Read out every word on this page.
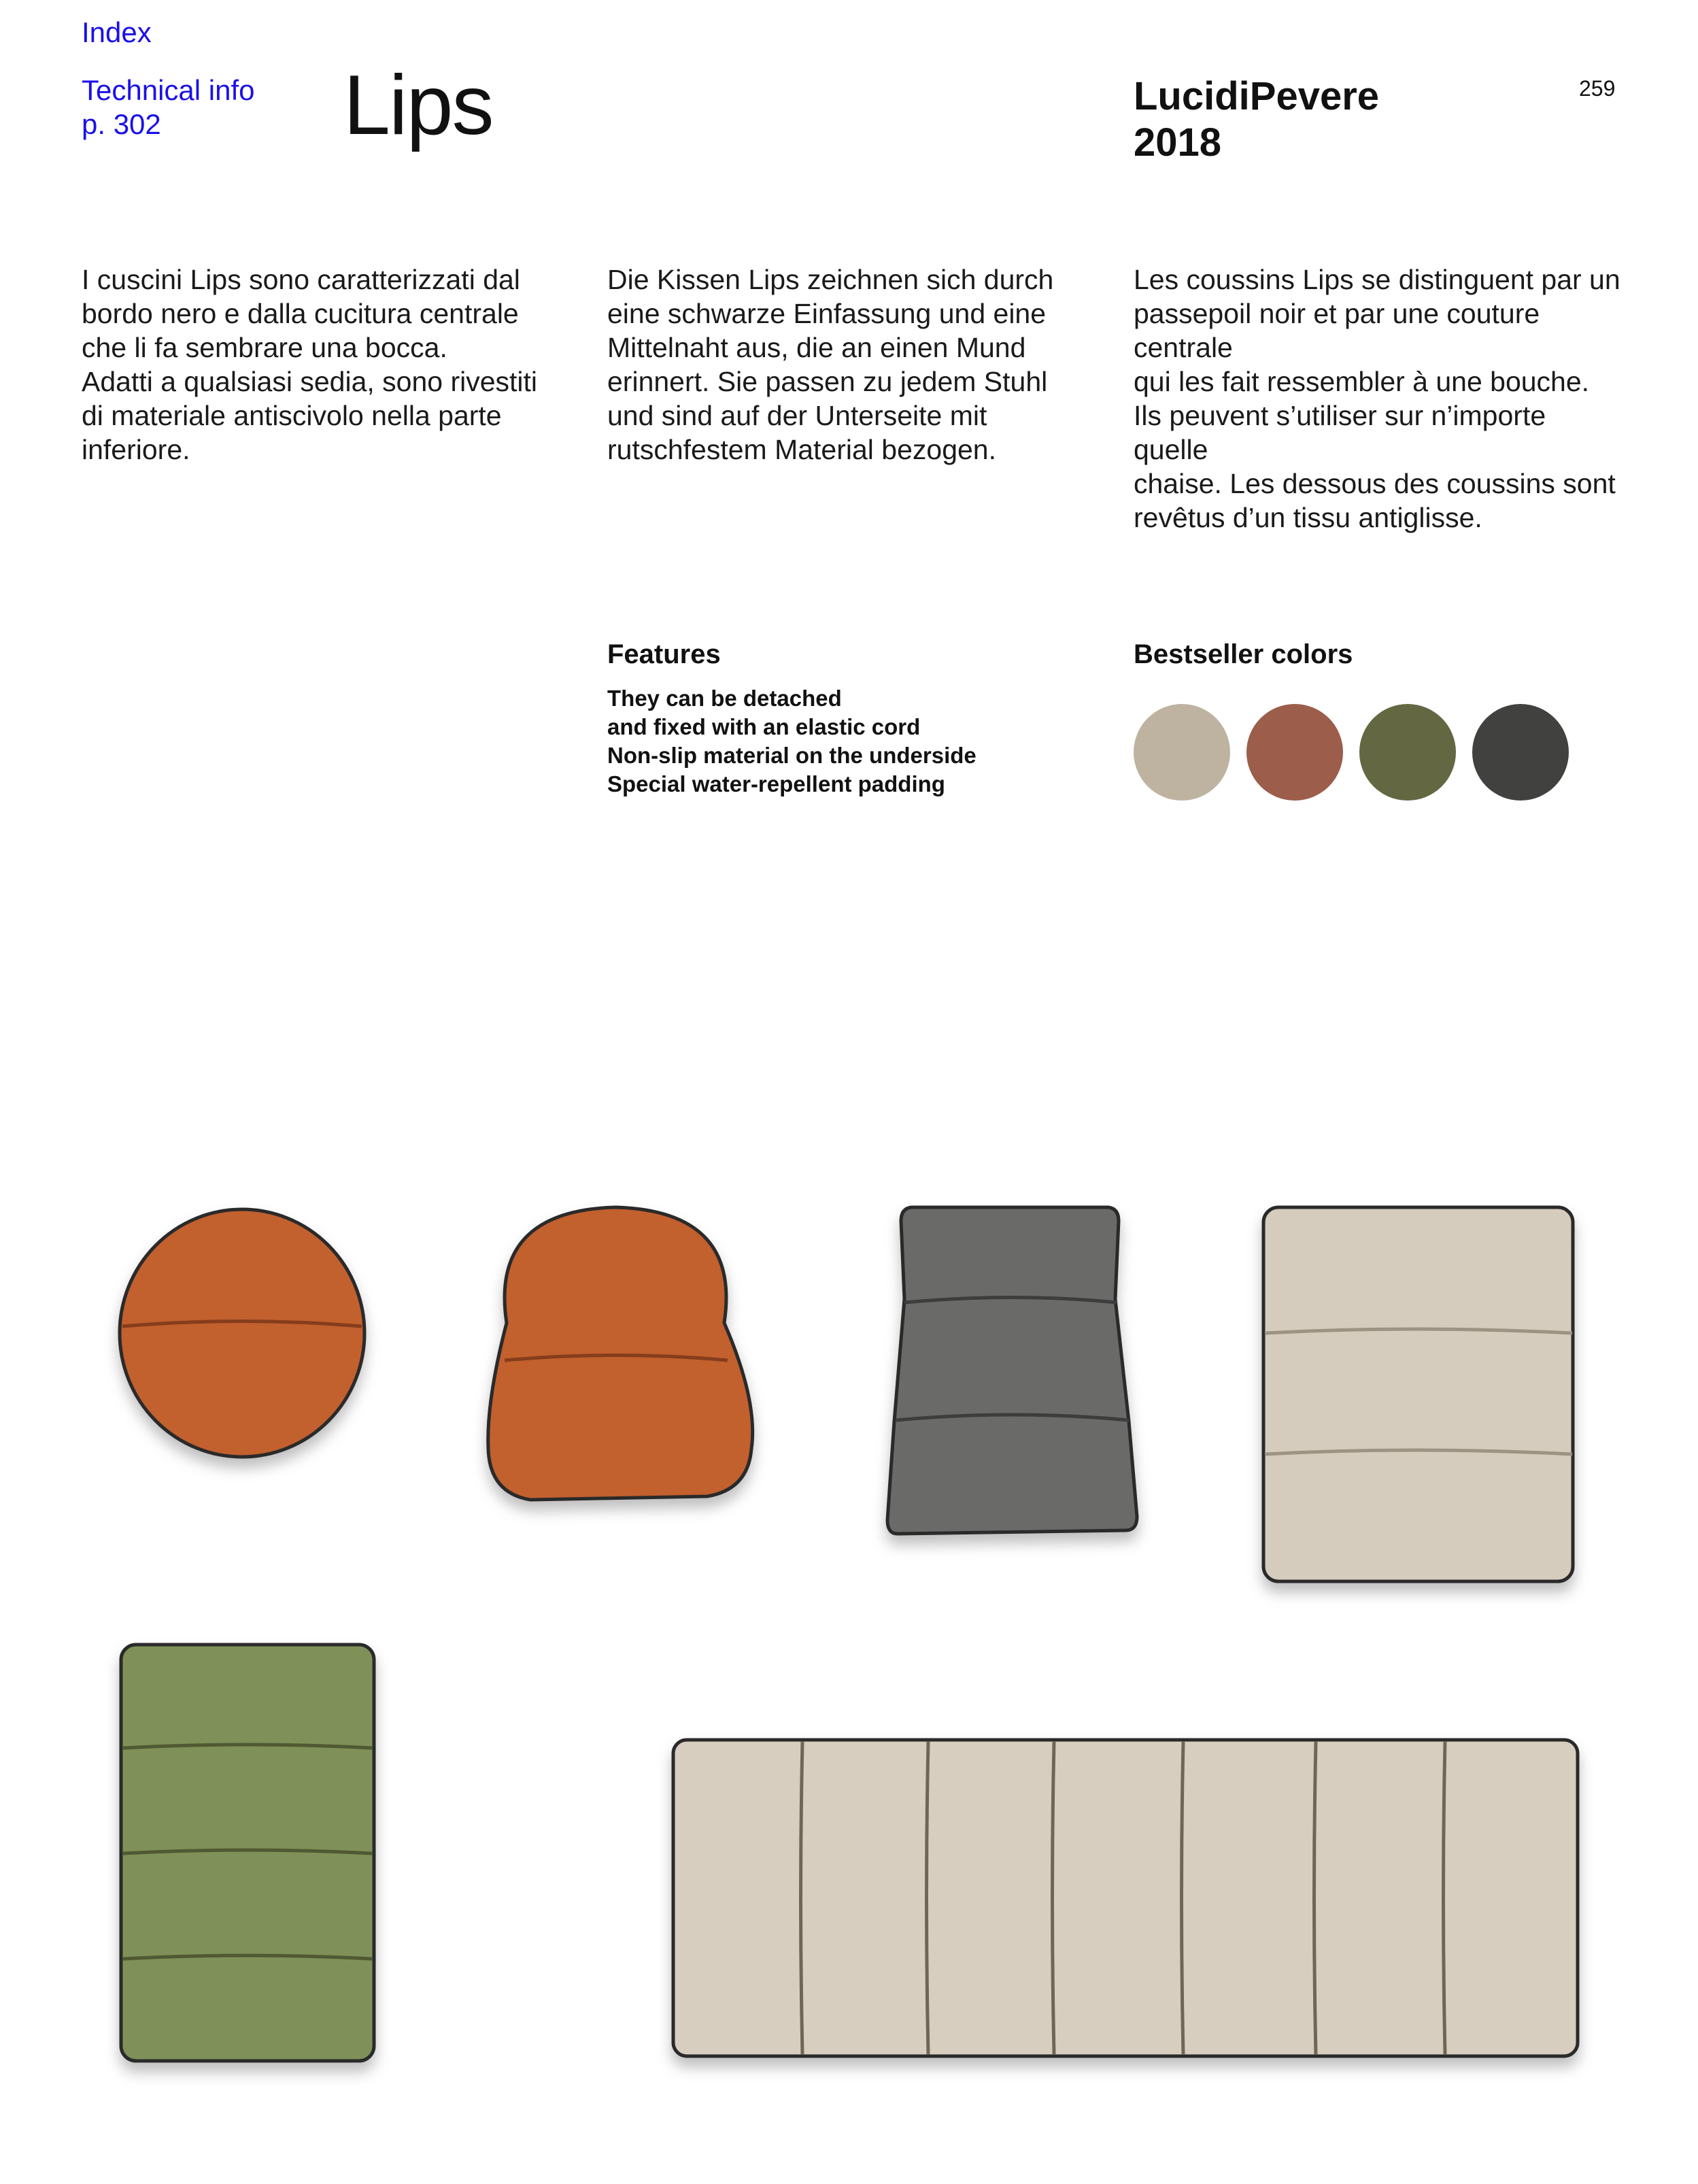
Index
Technical info
p. 302	Lips	LucidiPevere
2018
259

I cuscini Lips sono caratterizzati dal

bordo nero e dalla cucitura centrale

che li fa sembrare una bocca.

Adatti a qualsiasi sedia, sono rivestiti

di materiale antiscivolo nella parte

inferiore.

Die Kissen Lips zeichnen sich durch

eine schwarze Einfassung und eine

Mittelnaht aus, die an einen Mund

erinnert. Sie passen zu jedem Stuhl

und sind auf der Unterseite mit

rutschfestem Material bezogen.

Les coussins Lips se distinguent par un

passepoil noir et par une couture centrale

qui les fait ressembler à une bouche.

Ils peuvent s’utiliser sur n’importe quelle

chaise. Les dessous des coussins sont

revêtus d’un tissu antiglisse.

Features
They can be detached
and fixed with an elastic cord
Non-slip material on the underside
Special water-repellent padding
Bestseller colors
